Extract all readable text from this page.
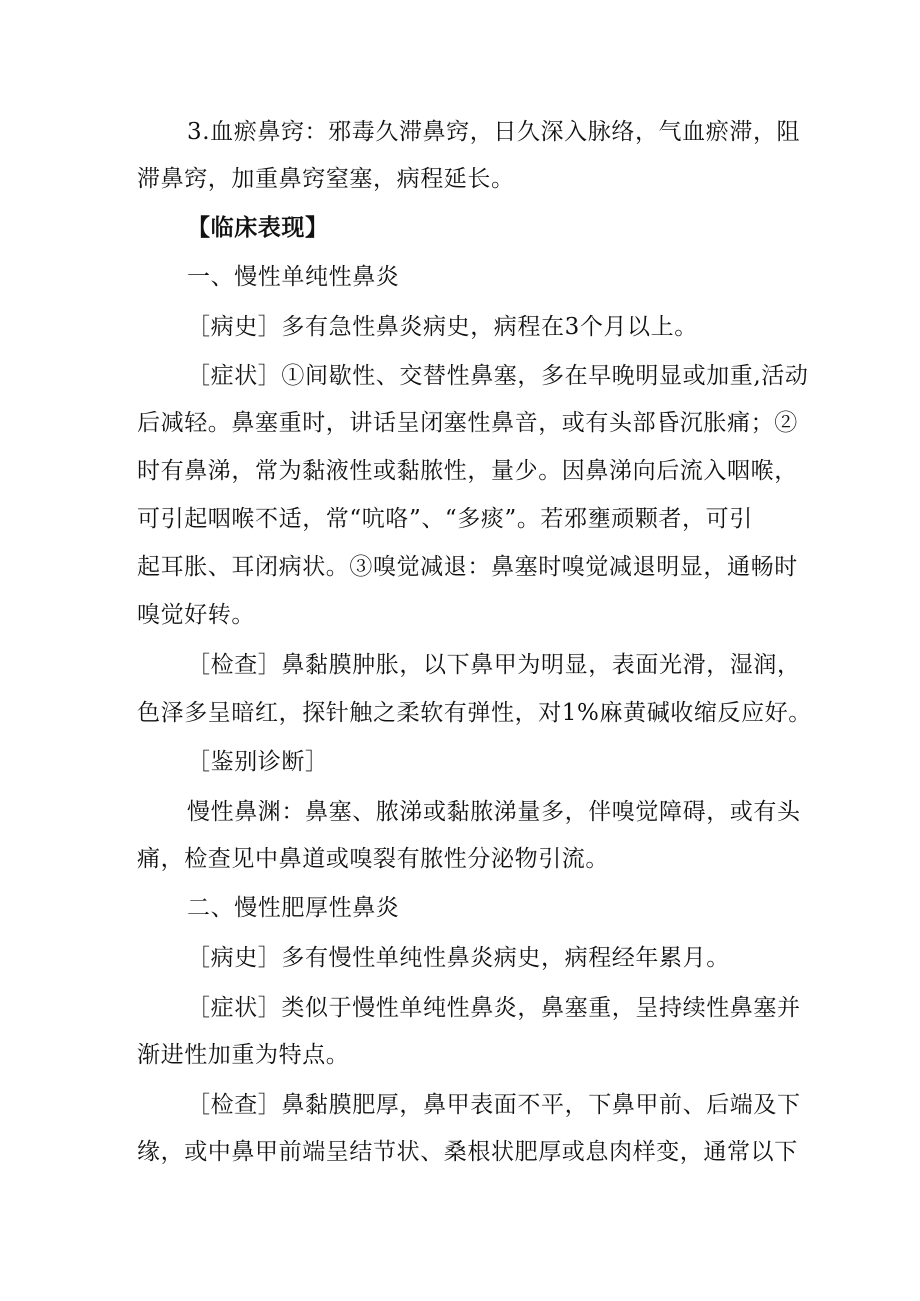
3.血瘀鼻窍：邪毒久滞鼻窍，日久深入脉络，气血瘀滞，阻
滞鼻窍，加重鼻窍窒塞，病程延长。
【临床表现】
一、慢性单纯性鼻炎
［病史］多有急性鼻炎病史，病程在3个月以上。
［症状］①间歇性、交替性鼻塞，多在早晚明显或加重,活动
后减轻。鼻塞重时，讲话呈闭塞性鼻音，或有头部昏沉胀痛；②
时有鼻涕，常为黏液性或黏脓性，量少。因鼻涕向后流入咽喉，
可引起咽喉不适，常“吭咯”、“多痰”。若邪壅顽颗者，可引
起耳胀、耳闭病状。③嗅觉减退：鼻塞时嗅觉减退明显，通畅时
嗅觉好转。
［检查］鼻黏膜肿胀，以下鼻甲为明显，表面光滑，湿润，
色泽多呈暗红，探针触之柔软有弹性，对1%麻黄碱收缩反应好。
［鉴别诊断］
慢性鼻渊：鼻塞、脓涕或黏脓涕量多，伴嗅觉障碍，或有头
痛，检查见中鼻道或嗅裂有脓性分泌物引流。
二、慢性肥厚性鼻炎
［病史］多有慢性单纯性鼻炎病史，病程经年累月。
［症状］类似于慢性单纯性鼻炎，鼻塞重，呈持续性鼻塞并
渐进性加重为特点。
［检查］鼻黏膜肥厚，鼻甲表面不平，下鼻甲前、后端及下
缘，或中鼻甲前端呈结节状、桑根状肥厚或息肉样变，通常以下
